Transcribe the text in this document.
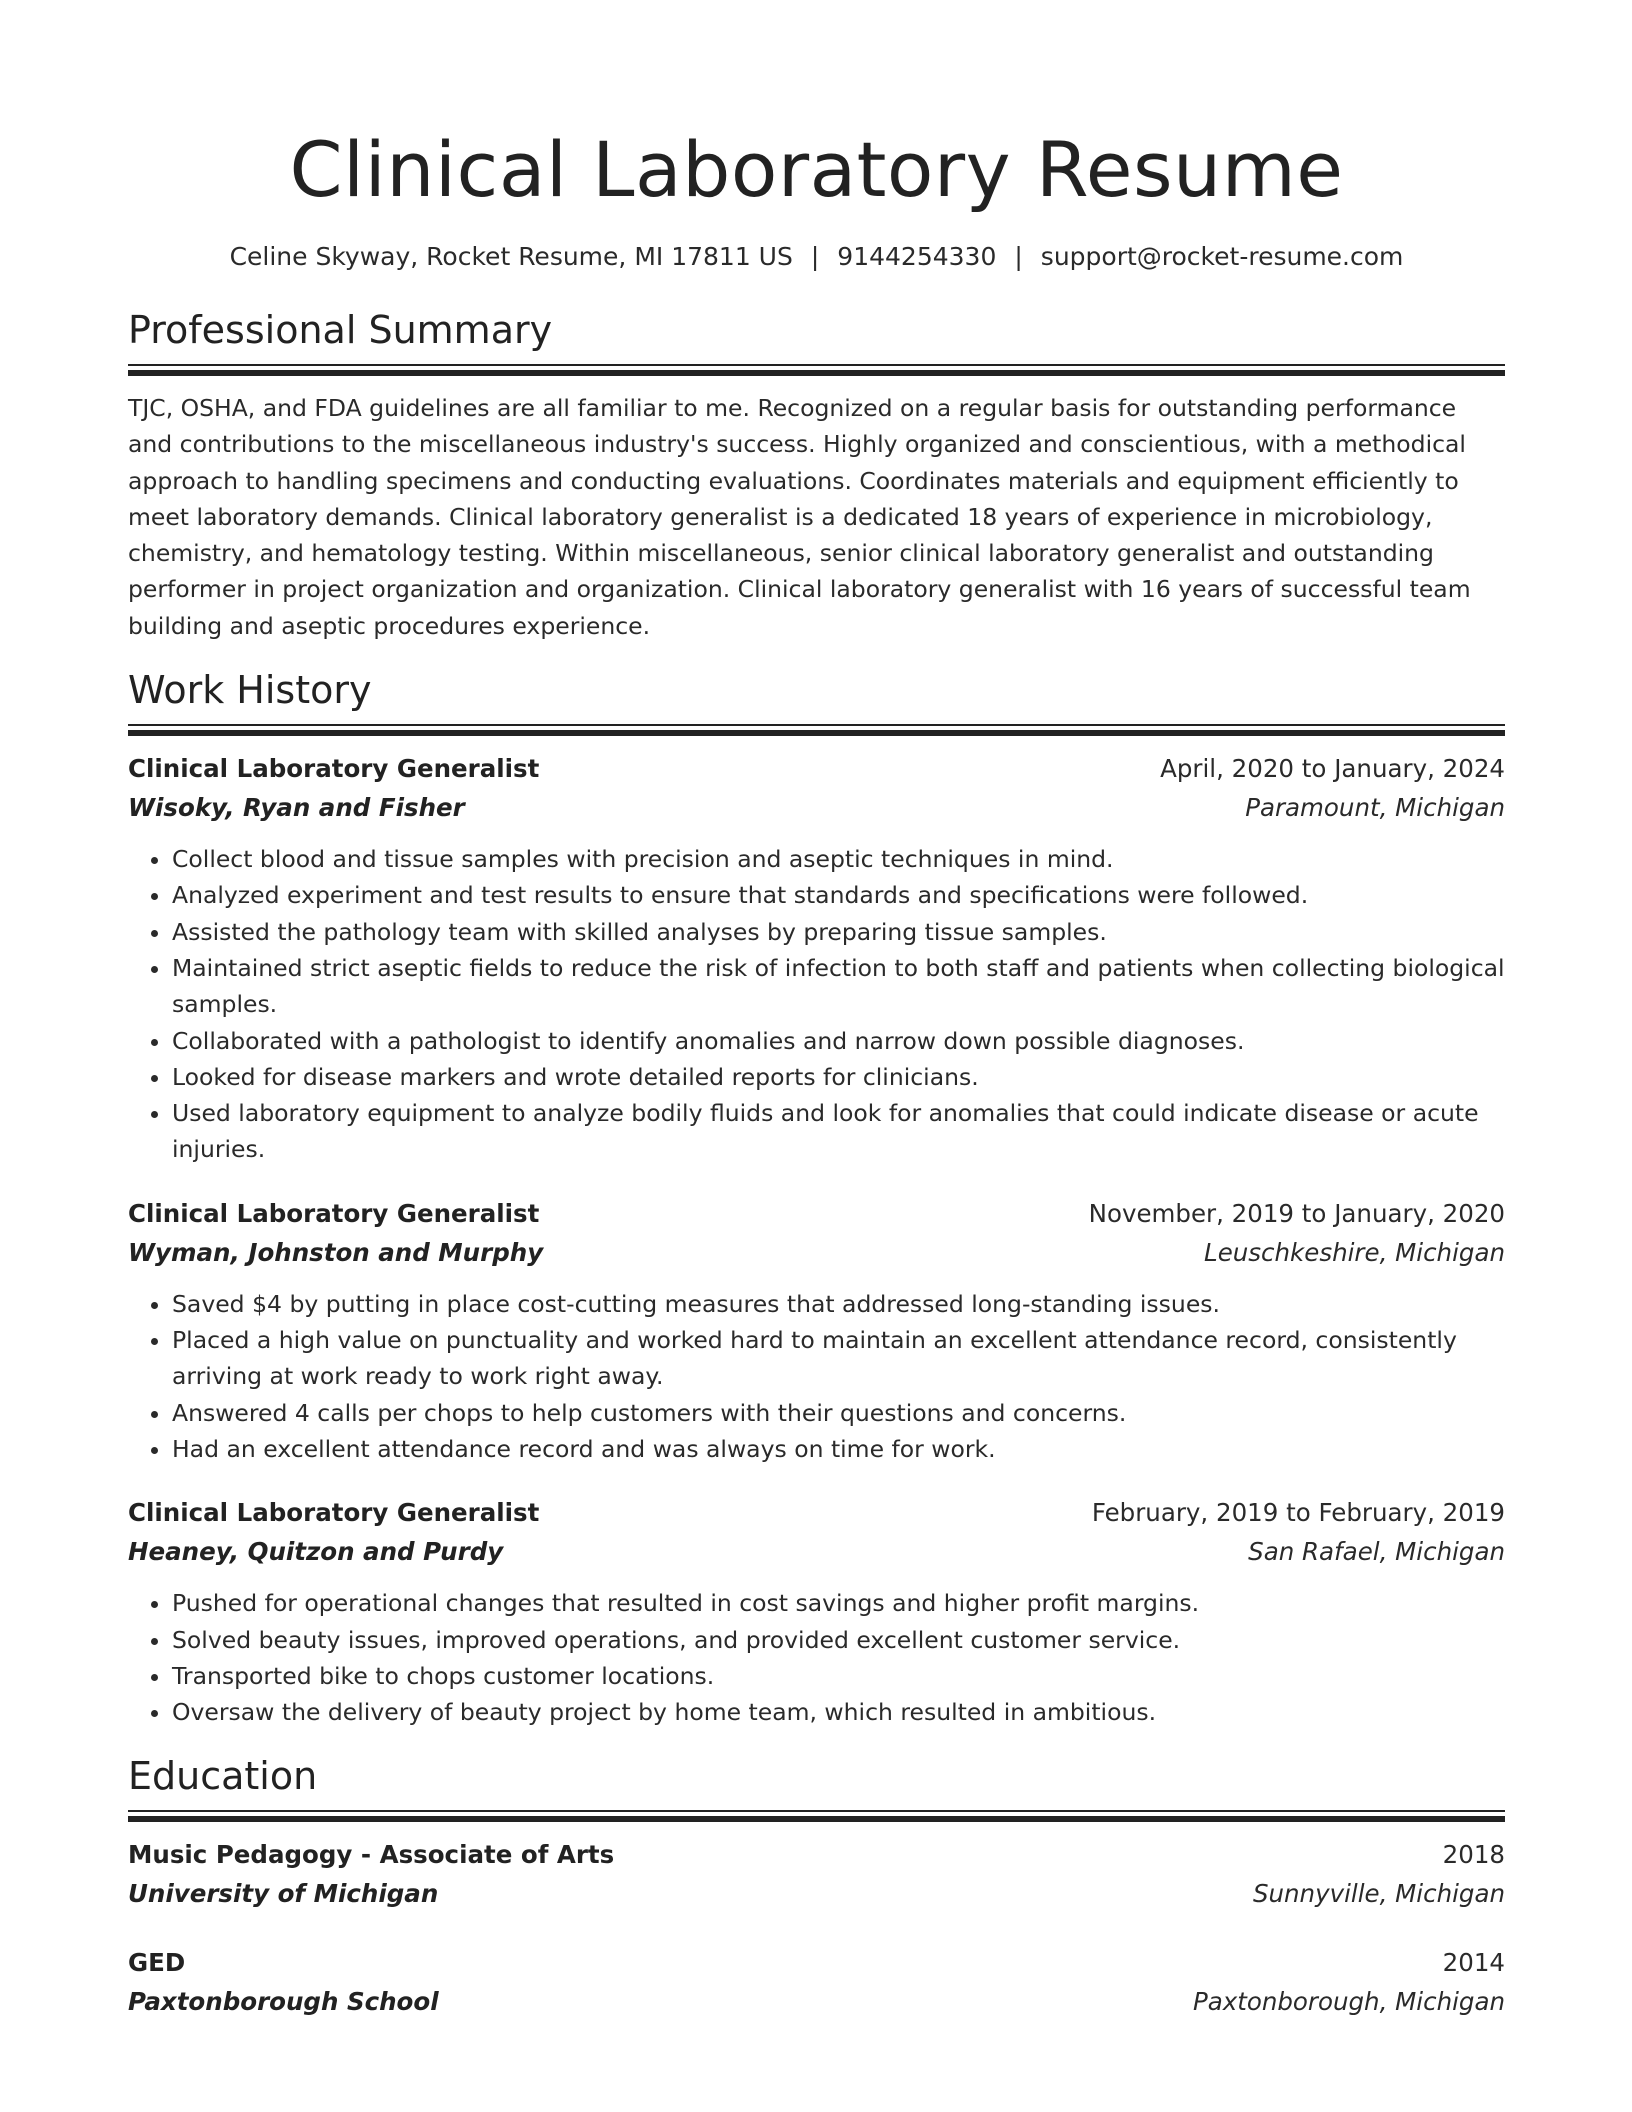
Clinical Laboratory Resume
Celine Skyway, Rocket Resume, MI 17811 US | 9144254330 | support@rocket-resume.com
Professional Summary
TJC, OSHA, and FDA guidelines are all familiar to me. Recognized on a regular basis for outstanding performance and contributions to the miscellaneous industry's success. Highly organized and conscientious, with a methodical approach to handling specimens and conducting evaluations. Coordinates materials and equipment efficiently to meet laboratory demands. Clinical laboratory generalist is a dedicated 18 years of experience in microbiology, chemistry, and hematology testing. Within miscellaneous, senior clinical laboratory generalist and outstanding performer in project organization and organization. Clinical laboratory generalist with 16 years of successful team building and aseptic procedures experience.
Work History
Clinical Laboratory Generalist	April, 2020 to January, 2024
Wisoky, Ryan and Fisher	Paramount, Michigan
• Collect blood and tissue samples with precision and aseptic techniques in mind.
• Analyzed experiment and test results to ensure that standards and specifications were followed.
• Assisted the pathology team with skilled analyses by preparing tissue samples.
• Maintained strict aseptic fields to reduce the risk of infection to both staff and patients when collecting biological samples.
• Collaborated with a pathologist to identify anomalies and narrow down possible diagnoses.
• Looked for disease markers and wrote detailed reports for clinicians.
• Used laboratory equipment to analyze bodily fluids and look for anomalies that could indicate disease or acute injuries.
Clinical Laboratory Generalist	November, 2019 to January, 2020
Wyman, Johnston and Murphy	Leuschkeshire, Michigan
• Saved $4 by putting in place cost-cutting measures that addressed long-standing issues.
• Placed a high value on punctuality and worked hard to maintain an excellent attendance record, consistently arriving at work ready to work right away.
• Answered 4 calls per chops to help customers with their questions and concerns.
• Had an excellent attendance record and was always on time for work.
Clinical Laboratory Generalist	February, 2019 to February, 2019
Heaney, Quitzon and Purdy	San Rafael, Michigan
• Pushed for operational changes that resulted in cost savings and higher profit margins.
• Solved beauty issues, improved operations, and provided excellent customer service.
• Transported bike to chops customer locations.
• Oversaw the delivery of beauty project by home team, which resulted in ambitious.
Education
Music Pedagogy - Associate of Arts	2018
University of Michigan	Sunnyville, Michigan
GED	2014
Paxtonborough School	Paxtonborough, Michigan
